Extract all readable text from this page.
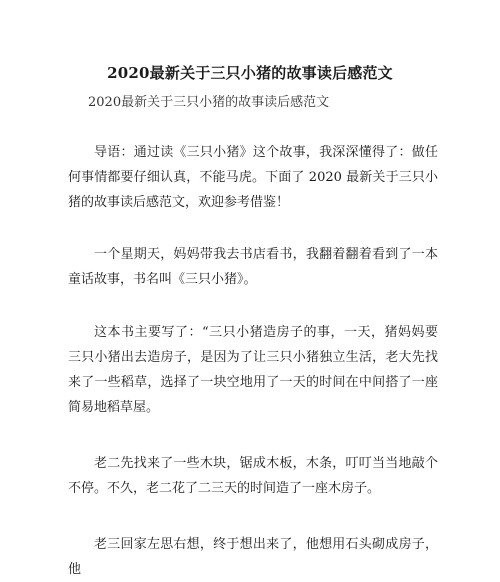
2020最新关于三只小猪的故事读后感范文
2020最新关于三只小猪的故事读后感范文

导语：通过读《三只小猪》这个故事，我深深懂得了：做任何事情都要仔细认真，不能马虎。下面了 2020 最新关于三只小猪的故事读后感范文，欢迎参考借鉴！

一个星期天，妈妈带我去书店看书，我翻着翻着看到了一本童话故事，书名叫《三只小猪》。

这本书主要写了：“三只小猪造房子的事，一天，猪妈妈要三只小猪出去造房子，是因为了让三只小猪独立生活，老大先找来了一些稻草，选择了一块空地用了一天的时间在中间搭了一座简易地稻草屋。

老二先找来了一些木块，锯成木板，木条，叮叮当当地敲个不停。不久，老二花了二三天的时间造了一座木房子。

老三回家左思右想，终于想出来了，他想用石头砌成房子，他
